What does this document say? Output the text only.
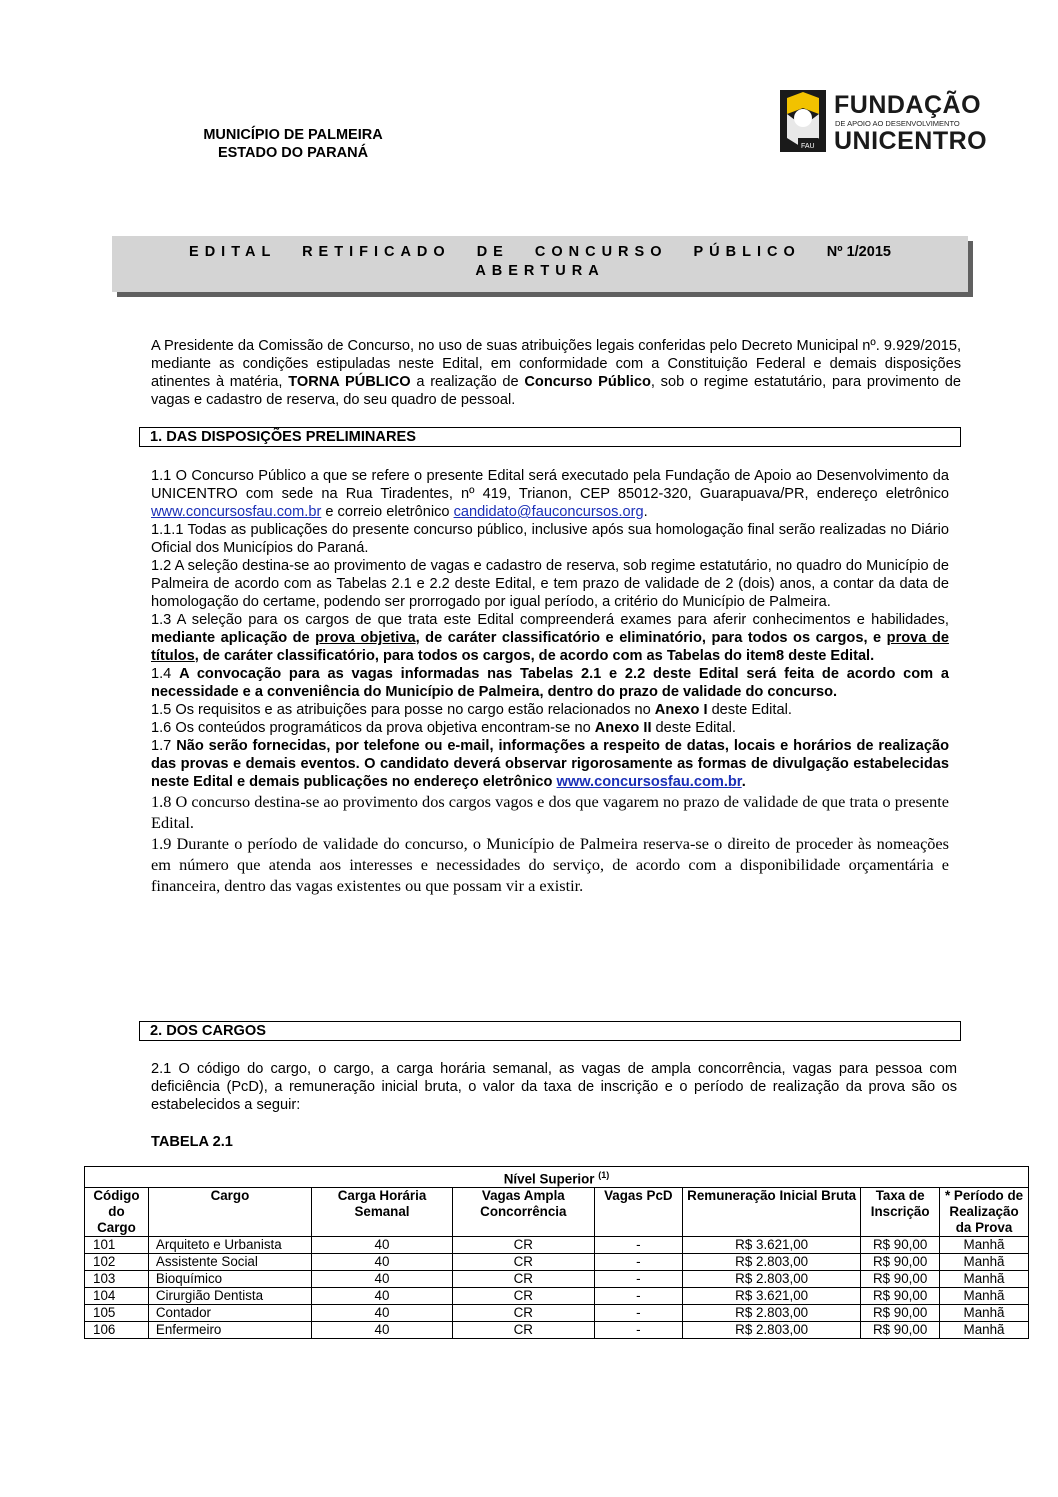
MUNICÍPIO DE PALMEIRA
ESTADO DO PARANÁ	FAU
FUNDAÇÃO
DE APOIO AO DESENVOLVIMENTO
UNICENTRO
EDITAL RETIFICADO DE CONCURSO PÚBLICO Nº 1/2015
ABERTURA

A Presidente da Comissão de Concurso, no uso de suas atribuições legais conferidas pelo Decreto Municipal nº. 9.929/2015, mediante as condições estipuladas neste Edital, em conformidade com a Constituição Federal e demais disposições atinentes à matéria, TORNA PÚBLICO a realização de Concurso Público, sob o regime estatutário, para provimento de vagas e cadastro de reserva, do seu quadro de pessoal.

1. DAS DISPOSIÇÕES PRELIMINARES

1.1 O Concurso Público a que se refere o presente Edital será executado pela Fundação de Apoio ao Desenvolvimento da UNICENTRO com sede na Rua Tiradentes, nº 419, Trianon, CEP 85012-320, Guarapuava/PR, endereço eletrônico www.concursosfau.com.br e correio eletrônico candidato@fauconcursos.org.

1.1.1 Todas as publicações do presente concurso público, inclusive após sua homologação final serão realizadas no Diário Oficial dos Municípios do Paraná.

1.2 A seleção destina-se ao provimento de vagas e cadastro de reserva, sob regime estatutário, no quadro do Município de Palmeira de acordo com as Tabelas 2.1 e 2.2 deste Edital, e tem prazo de validade de 2 (dois) anos, a contar da data de homologação do certame, podendo ser prorrogado por igual período, a critério do Município de Palmeira.

1.3 A seleção para os cargos de que trata este Edital compreenderá exames para aferir conhecimentos e habilidades, mediante aplicação de prova objetiva, de caráter classificatório e eliminatório, para todos os cargos, e prova de títulos, de caráter classificatório, para todos os cargos, de acordo com as Tabelas do item8 deste Edital.

1.4 A convocação para as vagas informadas nas Tabelas 2.1 e 2.2 deste Edital será feita de acordo com a necessidade e a conveniência do Município de Palmeira, dentro do prazo de validade do concurso.

1.5 Os requisitos e as atribuições para posse no cargo estão relacionados no Anexo I deste Edital.

1.6 Os conteúdos programáticos da prova objetiva encontram-se no Anexo II deste Edital.

1.7 Não serão fornecidas, por telefone ou e-mail, informações a respeito de datas, locais e horários de realização das provas e demais eventos. O candidato deverá observar rigorosamente as formas de divulgação estabelecidas neste Edital e demais publicações no endereço eletrônico www.concursosfau.com.br.

1.8 O concurso destina-se ao provimento dos cargos vagos e dos que vagarem no prazo de validade de que trata o presente Edital.

1.9 Durante o período de validade do concurso, o Município de Palmeira reserva-se o direito de proceder às nomeações em número que atenda aos interesses e necessidades do serviço, de acordo com a disponibilidade orçamentária e financeira, dentro das vagas existentes ou que possam vir a existir.

2. DOS CARGOS

2.1 O código do cargo, o cargo, a carga horária semanal, as vagas de ampla concorrência, vagas para pessoa com deficiência (PcD), a remuneração inicial bruta, o valor da taxa de inscrição e o período de realização da prova são os estabelecidos a seguir:

TABELA 2.1
Nível Superior $^{(1)}$
Código do Cargo	Cargo	Carga Horária Semanal	Vagas Ampla Concorrência	Vagas PcD	Remuneração Inicial Bruta	Taxa de Inscrição	* Período de Realização da Prova
101	Arquiteto e Urbanista	40	CR	-	R$ 3.621,00	R$ 90,00	Manhã
102	Assistente Social	40	CR	-	R$ 2.803,00	R$ 90,00	Manhã
103	Bioquímico	40	CR	-	R$ 2.803,00	R$ 90,00	Manhã
104	Cirurgião Dentista	40	CR	-	R$ 3.621,00	R$ 90,00	Manhã
105	Contador	40	CR	-	R$ 2.803,00	R$ 90,00	Manhã
106	Enfermeiro	40	CR	-	R$ 2.803,00	R$ 90,00	Manhã
